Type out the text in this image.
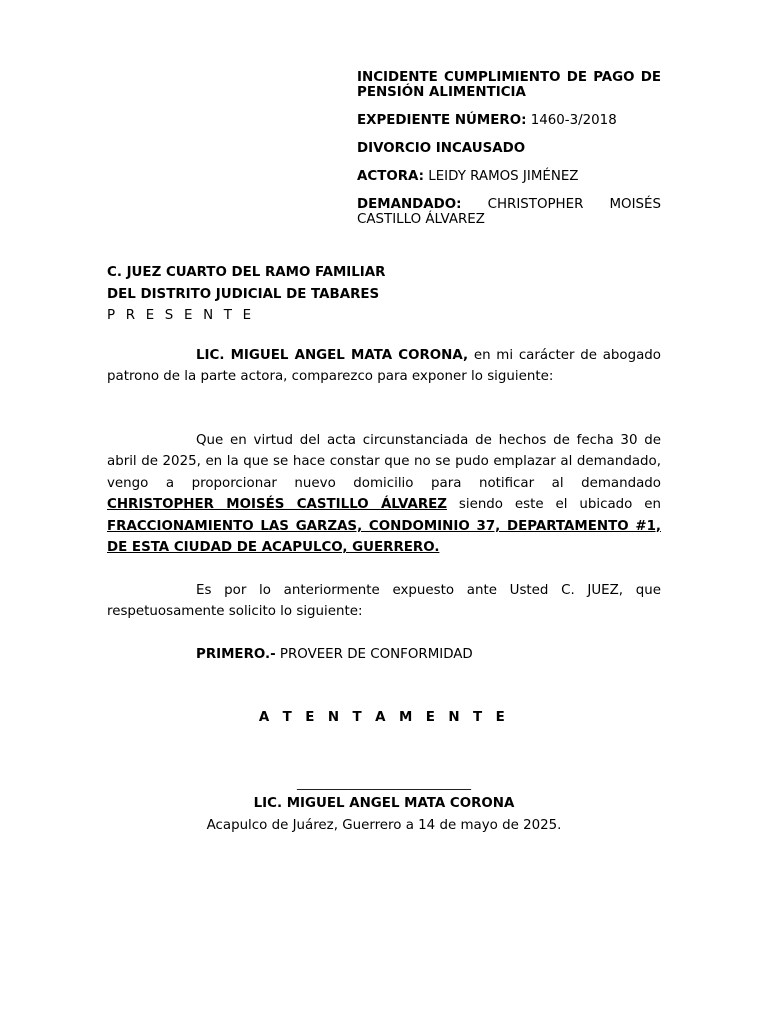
INCIDENTE CUMPLIMIENTO DE PAGO DE PENSIÓN ALIMENTICIA

EXPEDIENTE NÚMERO: 1460-3/2018

DIVORCIO INCAUSADO

ACTORA: LEIDY RAMOS JIMÉNEZ

DEMANDADO: CHRISTOPHER MOISÉS CASTILLO ÁLVAREZ

C. JUEZ CUARTO DEL RAMO FAMILIAR

DEL DISTRITO JUDICIAL DE TABARES

P R E S E N T E

LIC. MIGUEL ANGEL MATA CORONA, en mi carácter de abogado patrono de la parte actora, comparezco para exponer lo siguiente:

Que en virtud del acta circunstanciada de hechos de fecha 30 de abril de 2025, en la que se hace constar que no se pudo emplazar al demandado, vengo a proporcionar nuevo domicilio para notificar al demandado CHRISTOPHER MOISÉS CASTILLO ÁLVAREZ siendo este el ubicado en FRACCIONAMIENTO LAS GARZAS, CONDOMINIO 37, DEPARTAMENTO #1, DE ESTA CIUDAD DE ACAPULCO, GUERRERO.

Es por lo anteriormente expuesto ante Usted C. JUEZ, que respetuosamente solicito lo siguiente:

PRIMERO.- PROVEER DE CONFORMIDAD

A T E N T A M E N T E
_____________________________
LIC. MIGUEL ANGEL MATA CORONA
Acapulco de Juárez, Guerrero a 14 de mayo de 2025.
